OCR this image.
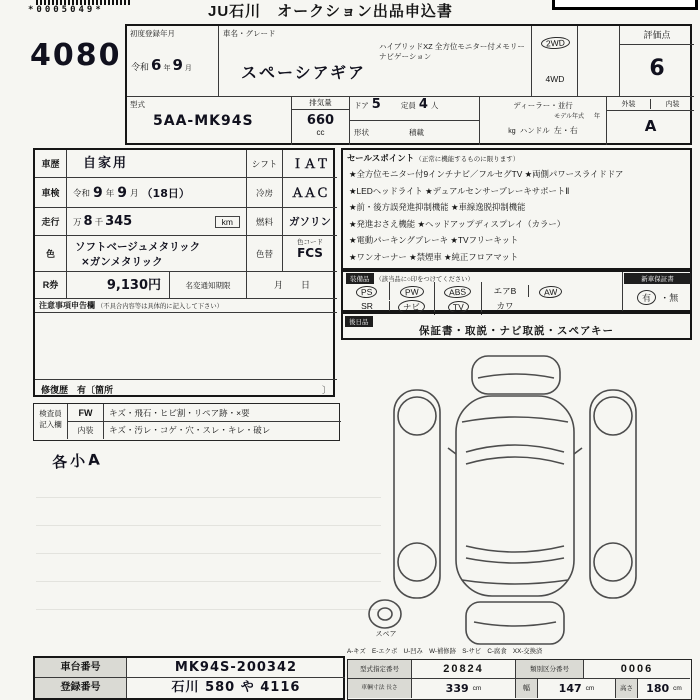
*0005049*	JU石川　オークション出品申込書
4080
初度登録年月
令和 6 年 9 月
車名・グレード
スペーシアギア
ハイブリッドXZ 全方位モニター付メモリーナビゲーション
2WD
4WD
評価点
6
型式
5AA-MK94S
排気量
660
cc
ドア 5	定員 4 人
形状	積載
ディーラー・並行
モデル年式 年
kg ハンドル 左・右
外装	内装
A
車歴	自家用	シフト	ＩＡＴ
車検	令和 9 年 9 月 （18日）	冷房	ＡＡＣ
走行	万 8 千 345	km	燃料	ガソリン
色
ソフトベージュメタリック
×ガンメタリック
色替
色コード
FCS
R券	9,130円	名変通知期限	月　　日
注意事項申告欄 （不具合内容等は具体的に記入して下さい）
修復歴　有〔箇所	〕
セールスポイント （正常に機能するものに限ります）
★全方位モニター付9インチナビ／フルセグTV ★両側パワースライドドア
★LEDヘッドライト ★デュアルセンサーブレーキサポートⅡ
★前・後方誤発進抑制機能 ★車線逸脱抑制機能
★発進おさえ機能 ★ヘッドアップディスプレイ（カラー）
★電動パーキングブレーキ ★TVフリーキット
★ワンオーナー ★禁煙車 ★純正フロアマット
装備品 （該当品に○印をつけてください）
PS	PW	ABS	エアB	AW
SR	ナビ	TV	カワ
新車保証書
有 ・無
後日品
保証書・取説・ナビ取説・スペアキー
検査員
記入欄
FW	キズ・飛石・ヒビ割・リペア跡・×要
内装	キズ・汚レ・コゲ・穴・スレ・キレ・破レ
各小A
スペア
A-キズ　E-エクボ　U-凹み　W-補修跡　S-サビ　C-腐食　XX-交換済
車台番号	MK94S-200342
登録番号	石川 580 や 4116
型式指定番号	20824	類別区分番号	0006
車輌寸法 長さ	339 cm	幅	147 cm	高さ	180 cm
